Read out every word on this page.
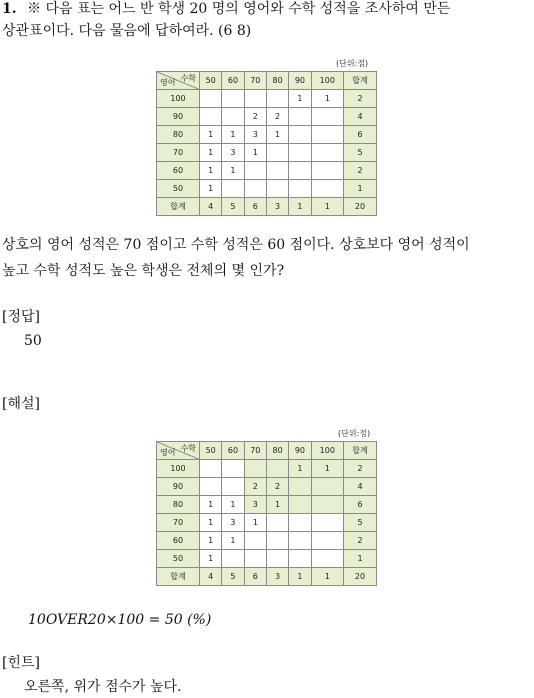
1. ※ 다음 표는 어느 반 학생 20 명의 영어와 수학 성적을 조사하여 만든
상관표이다. 다음 물음에 답하여라. (6 8)
(단위:점)
수학
영어	50	60	70	80	90	100	합계
100					1	1	2
90			2	2			4
80	1	1	3	1			6
70	1	3	1				5
60	1	1					2
50	1						1
합계	4	5	6	3	1	1	20
상호의 영어 성적은 70 점이고 수학 성적은 60 점이다. 상호보다 영어 성적이
높고 수학 성적도 높은 학생은 전체의 몇 인가?
[정답]
50
[해설]
(단위:점)
수학
영어	50	60	70	80	90	100	합계
100					1	1	2
90			2	2			4
80	1	1	3	1			6
70	1	3	1				5
60	1	1					2
50	1						1
합계	4	5	6	3	1	1	20
10OVER20×100 = 50 (%)
[힌트]
오른쪽, 위가 점수가 높다.
